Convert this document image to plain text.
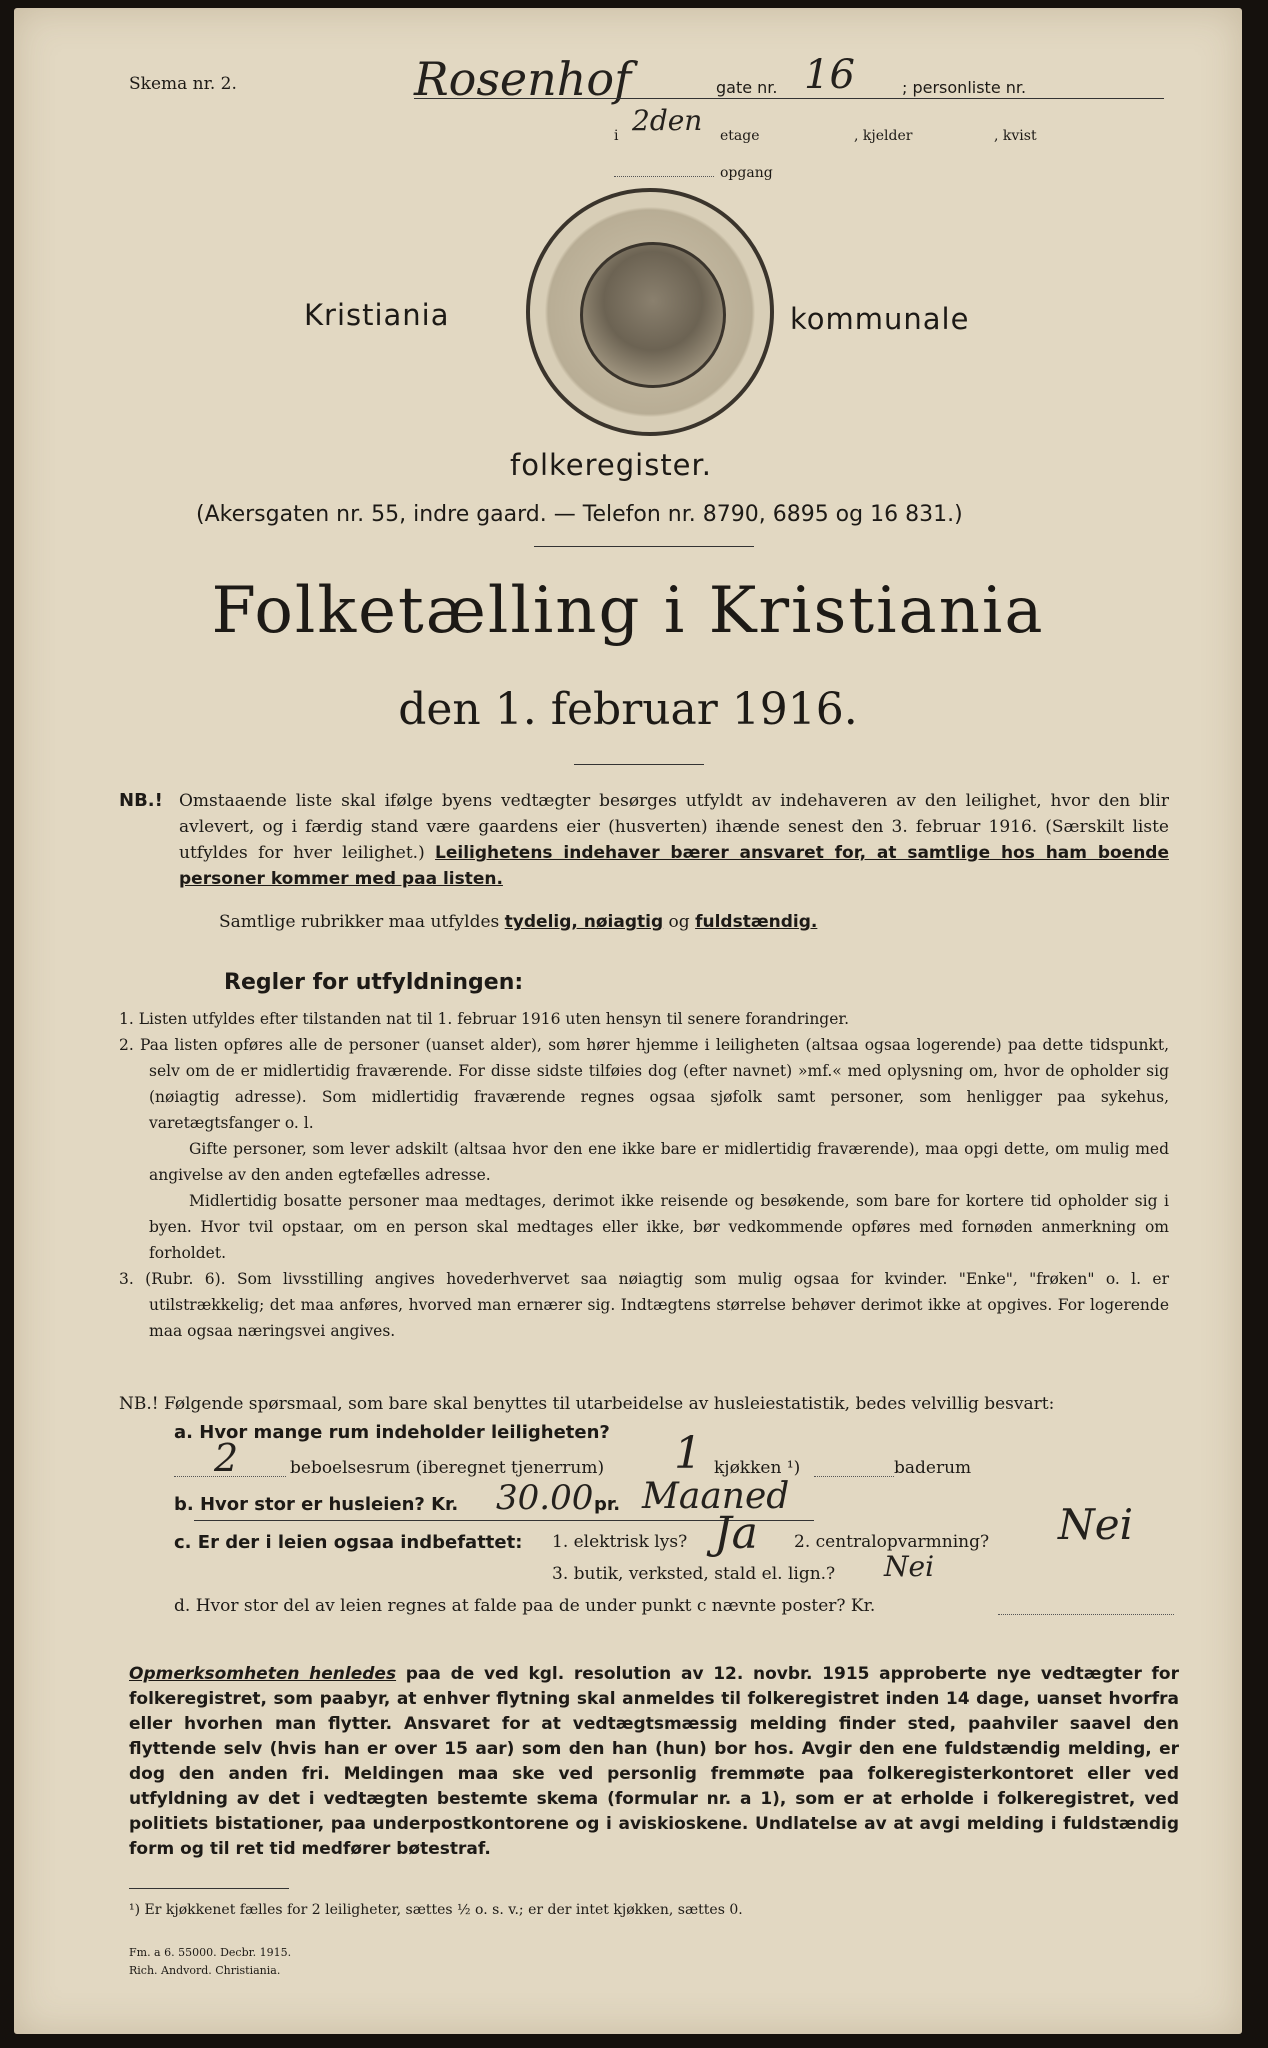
Skema nr. 2.	Rosenhof	gate nr. 16	; personliste nr.
i 2den etage	, kjelder	, kvist
opgang
Kristiania	kommunale
folkeregister.
(Akersgaten nr. 55, indre gaard. — Telefon nr. 8790, 6895 og 16 831.)
Folketælling i Kristiania
den 1. februar 1916.
NB.! Omstaaende liste skal ifølge byens vedtægter besørges utfyldt av indehaveren av den leilighet, hvor den blir avlevert, og i færdig stand være gaardens eier (husverten) ihænde senest den 3. februar 1916. (Særskilt liste utfyldes for hver leilighet.) Leilighetens indehaver bærer ansvaret for, at samtlige hos ham boende personer kommer med paa listen.

Samtlige rubrikker maa utfyldes tydelig, nøiagtig og fuldstændig.
Regler for utfyldningen:

1. Listen utfyldes efter tilstanden nat til 1. februar 1916 uten hensyn til senere forandringer.

2. Paa listen opføres alle de personer (uanset alder), som hører hjemme i leiligheten (altsaa ogsaa logerende) paa dette tidspunkt, selv om de er midlertidig fraværende. For disse sidste tilføies dog (efter navnet) »mf.« med oplysning om, hvor de opholder sig (nøiagtig adresse). Som midlertidig fraværende regnes ogsaa sjøfolk samt personer, som henligger paa sykehus, varetægtsfanger o. l.

Gifte personer, som lever adskilt (altsaa hvor den ene ikke bare er midlertidig fraværende), maa opgi dette, om mulig med angivelse av den anden egtefælles adresse.

Midlertidig bosatte personer maa medtages, derimot ikke reisende og besøkende, som bare for kortere tid opholder sig i byen. Hvor tvil opstaar, om en person skal medtages eller ikke, bør vedkommende opføres med fornøden anmerkning om forholdet.

3. (Rubr. 6). Som livsstilling angives hovederhvervet saa nøiagtig som mulig ogsaa for kvinder. "Enke", "frøken" o. l. er utilstrækkelig; det maa anføres, hvorved man ernærer sig. Indtægtens størrelse behøver derimot ikke at opgives. For logerende maa ogsaa næringsvei angives.

NB.! Følgende spørsmaal, som bare skal benyttes til utarbeidelse av husleiestatistik, bedes velvillig besvart:
a. Hvor mange rum indeholder leiligheten?
2	beboelsesrum (iberegnet tjenerrum) 1 kjøkken ¹)	baderum
b. Hvor stor er husleien? Kr. 30.00 pr. Maaned
c. Er der i leien ogsaa indbefattet: 1. elektrisk lys? Ja 2. centralopvarmning? Nei
3. butik, verksted, stald el. lign.? Nei
d. Hvor stor del av leien regnes at falde paa de under punkt c nævnte poster? Kr.

Opmerksomheten henledes paa de ved kgl. resolution av 12. novbr. 1915 approberte nye vedtægter for folkeregistret, som paabyr, at enhver flytning skal anmeldes til folkeregistret inden 14 dage, uanset hvorfra eller hvorhen man flytter. Ansvaret for at vedtægtsmæssig melding finder sted, paahviler saavel den flyttende selv (hvis han er over 15 aar) som den han (hun) bor hos. Avgir den ene fuldstændig melding, er dog den anden fri. Meldingen maa ske ved personlig fremmøte paa folkeregisterkontoret eller ved utfyldning av det i vedtægten bestemte skema (formular nr. a 1), som er at erholde i folkeregistret, ved politiets bistationer, paa underpostkontorene og i aviskioskene. Undlatelse av at avgi melding i fuldstændig form og til ret tid medfører bøtestraf.

¹) Er kjøkkenet fælles for 2 leiligheter, sættes ½ o. s. v.; er der intet kjøkken, sættes 0.
Fm. a 6. 55000. Decbr. 1915.
Rich. Andvord. Christiania.
